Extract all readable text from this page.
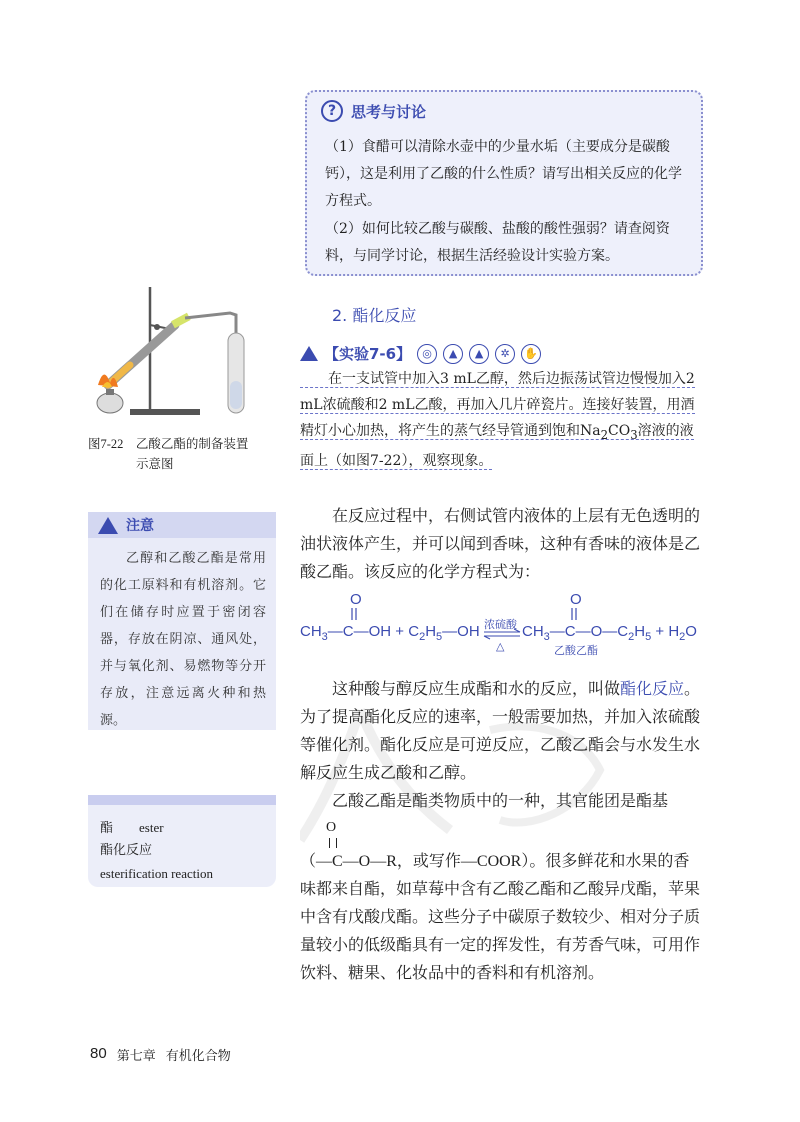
? 思考与讨论

（1）食醋可以清除水壶中的少量水垢（主要成分是碳酸钙），这是利用了乙酸的什么性质？请写出相关反应的化学方程式。

（2）如何比较乙酸与碳酸、盐酸的酸性强弱？请查阅资料，与同学讨论，根据生活经验设计实验方案。

2. 酯化反应
【实验7-6】	◎	▲	▲	✲	✋
  在一支试管中加入3 mL乙醇，然后边振荡试管边慢慢加入2 mL浓硫酸和2 mL乙酸，再加入几片碎瓷片。连接好装置，用酒精灯小心加热，将产生的蒸气经导管通到饱和$Na_2CO_3$溶液的液面上（如图7-22），观察现象。

在反应过程中，右侧试管内液体的上层有无色透明的油状液体产生，并可以闻到香味，这种有香味的液体是乙酸乙酯。该反应的化学方程式为：

O
$CH_3—C—OH$ + $C_2H_5—OH$ 浓硫酸
△
O
$CH_3—C—O—C_2H_5 + H_2O$
乙酸乙酯

这种酸与醇反应生成酯和水的反应，叫做酯化反应。为了提高酯化反应的速率，一般需要加热，并加入浓硫酸等催化剂。酯化反应是可逆反应，乙酸乙酯会与水发生水解反应生成乙酸和乙醇。

乙酸乙酯是酯类物质中的一种，其官能团是酯基

O

（—C—O—R，或写作—COOR）。很多鲜花和水果的香味都来自酯，如草莓中含有乙酸乙酯和乙酸异戊酯，苹果中含有戊酸戊酯。这些分子中碳原子数较少、相对分子质量较小的低级酯具有一定的挥发性，有芳香气味，可用作饮料、糖果、化妆品中的香料和有机溶剂。

图7-22　乙酸乙酯的制备装置
示意图
注意

乙醇和乙酸乙酯是常用的化工原料和有机溶剂。它们在储存时应置于密闭容器，存放在阴凉、通风处，并与氧化剂、易燃物等分开存放，注意远离火种和热源。

酯　　ester
酯化反应
esterification reaction
80 第七章 有机化合物
